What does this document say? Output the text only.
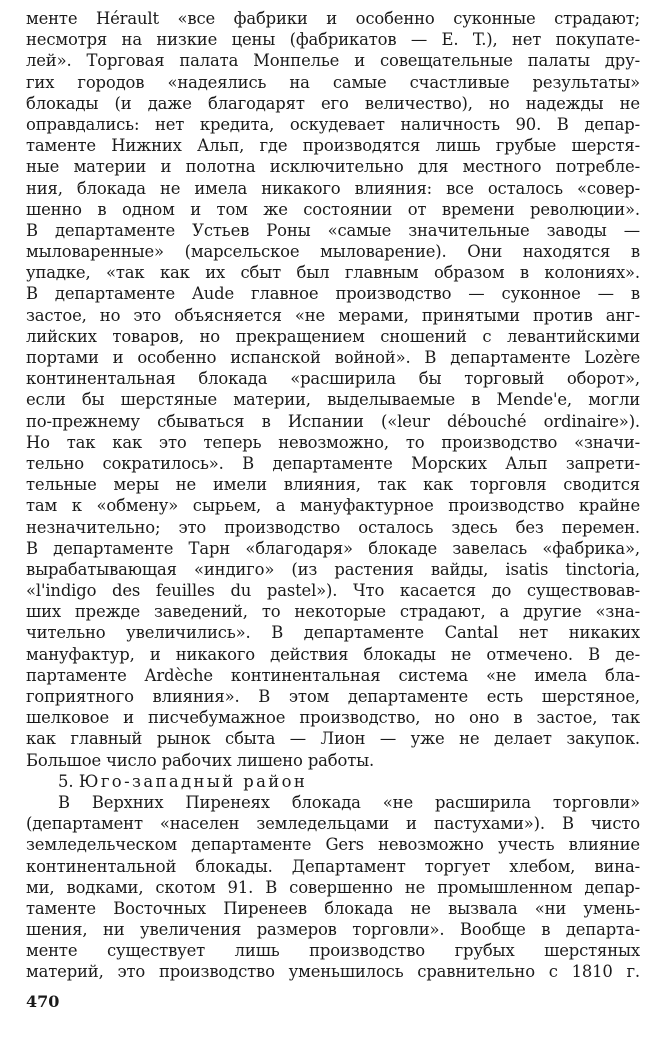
менте Hérault «все фабрики и особенно суконные страдают;
несмотря на низкие цены (фабрикатов — E. T.), нет покупате-
лей». Торговая палата Монпелье и совещательные палаты дру-
гих городов «надеялись на самые счастливые результаты»
блокады (и даже благодарят его величество), но надежды не
оправдались: нет кредита, оскудевает наличность 90. В депар-
таменте Нижних Альп, где производятся лишь грубые шерстя-
ные материи и полотна исключительно для местного потребле-
ния, блокада не имела никакого влияния: все осталось «совер-
шенно в одном и том же состоянии от времени революции».
В департаменте Устьев Роны «самые значительные заводы —
мыловаренные» (марсельское мыловарение). Они находятся в
упадке, «так как их сбыт был главным образом в колониях».
В департаменте Aude главное производство — суконное — в
застое, но это объясняется «не мерами, принятыми против анг-
лийских товаров, но прекращением сношений с левантийскими
портами и особенно испанской войной». В департаменте Lozère
континентальная блокада «расширила бы торговый оборот»,
если бы шерстяные материи, выделываемые в Mende'e, могли
по-прежнему сбываться в Испании («leur débouché ordinaire»).
Но так как это теперь невозможно, то производство «значи-
тельно сократилось». В департаменте Морских Альп запрети-
тельные меры не имели влияния, так как торговля сводится
там к «обмену» сырьем, а мануфактурное производство крайне
незначительно; это производство осталось здесь без перемен.
В департаменте Тарн «благодаря» блокаде завелась «фабрика»,
вырабатывающая «индиго» (из растения вайды, isatis tinctoria,
«l'indigo des feuilles du pastel»). Что касается до существовав-
ших прежде заведений, то некоторые страдают, а другие «зна-
чительно увеличились». В департаменте Cantal нет никаких
мануфактур, и никакого действия блокады не отмечено. В де-
партаменте Ardèche континентальная система «не имела бла-
гоприятного влияния». В этом департаменте есть шерстяное,
шелковое и писчебумажное производство, но оно в застое, так
как главный рынок сбыта — Лион — уже не делает закупок.
Большое число рабочих лишено работы.
5. Юго-западный район
В Верхних Пиренеях блокада «не расширила торговли»
(департамент «населен земледельцами и пастухами»). В чисто
земледельческом департаменте Gers невозможно учесть влияние
континентальной блокады. Департамент торгует хлебом, вина-
ми, водками, скотом 91. В совершенно не промышленном депар-
таменте Восточных Пиренеев блокада не вызвала «ни умень-
шения, ни увеличения размеров торговли». Вообще в департа-
менте существует лишь производство грубых шерстяных
материй, это производство уменьшилось сравнительно с 1810 г.
470
